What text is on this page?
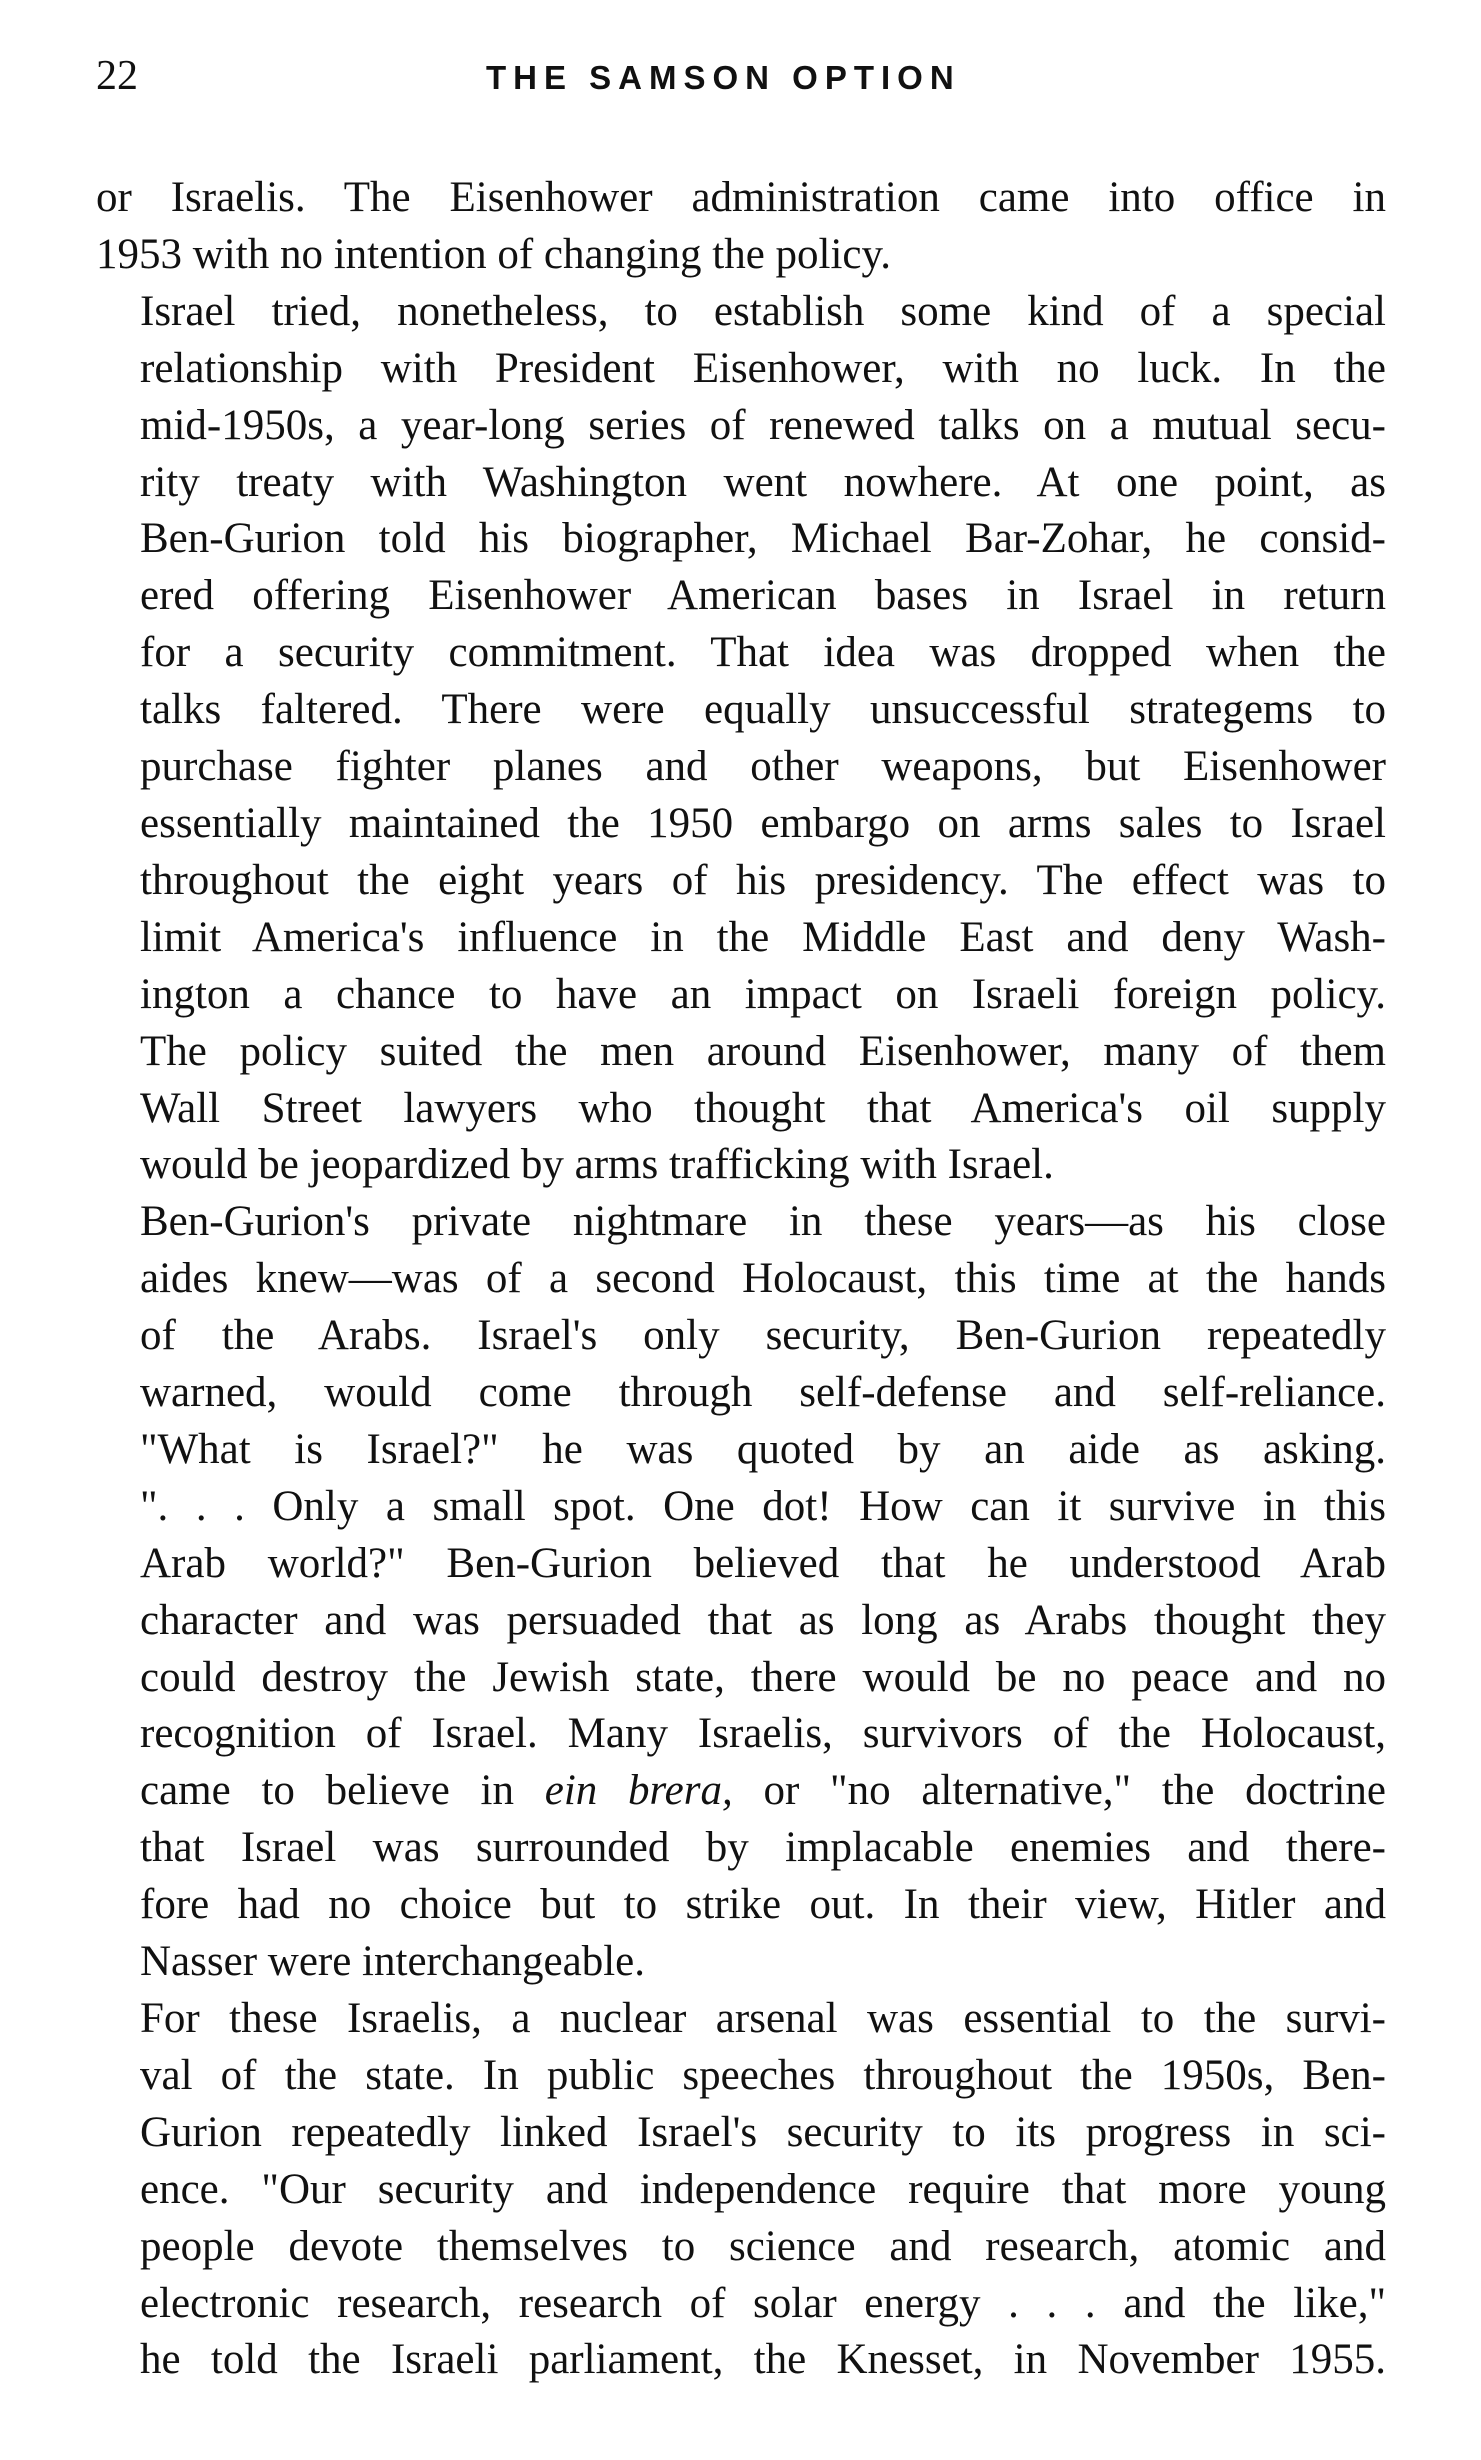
22	THE SAMSON OPTION

or Israelis. The Eisenhower administration came into office in
1953 with no intention of changing the policy.

Israel tried, nonetheless, to establish some kind of a special
relationship with President Eisenhower, with no luck. In the
mid-1950s, a year-long series of renewed talks on a mutual secu-
rity treaty with Washington went nowhere. At one point, as
Ben-Gurion told his biographer, Michael Bar-Zohar, he consid-
ered offering Eisenhower American bases in Israel in return
for a security commitment. That idea was dropped when the
talks faltered. There were equally unsuccessful strategems to
purchase fighter planes and other weapons, but Eisenhower
essentially maintained the 1950 embargo on arms sales to Israel
throughout the eight years of his presidency. The effect was to
limit America's influence in the Middle East and deny Wash-
ington a chance to have an impact on Israeli foreign policy.
The policy suited the men around Eisenhower, many of them
Wall Street lawyers who thought that America's oil supply
would be jeopardized by arms trafficking with Israel.

Ben-Gurion's private nightmare in these years—as his close
aides knew—was of a second Holocaust, this time at the hands
of the Arabs. Israel's only security, Ben-Gurion repeatedly
warned, would come through self-defense and self-reliance.
"What is Israel?" he was quoted by an aide as asking.
". . . Only a small spot. One dot! How can it survive in this
Arab world?" Ben-Gurion believed that he understood Arab
character and was persuaded that as long as Arabs thought they
could destroy the Jewish state, there would be no peace and no
recognition of Israel. Many Israelis, survivors of the Holocaust,
came to believe in ein brera, or "no alternative," the doctrine
that Israel was surrounded by implacable enemies and there-
fore had no choice but to strike out. In their view, Hitler and
Nasser were interchangeable.

For these Israelis, a nuclear arsenal was essential to the survi-
val of the state. In public speeches throughout the 1950s, Ben-
Gurion repeatedly linked Israel's security to its progress in sci-
ence. "Our security and independence require that more young
people devote themselves to science and research, atomic and
electronic research, research of solar energy . . . and the like,"
he told the Israeli parliament, the Knesset, in November 1955.
